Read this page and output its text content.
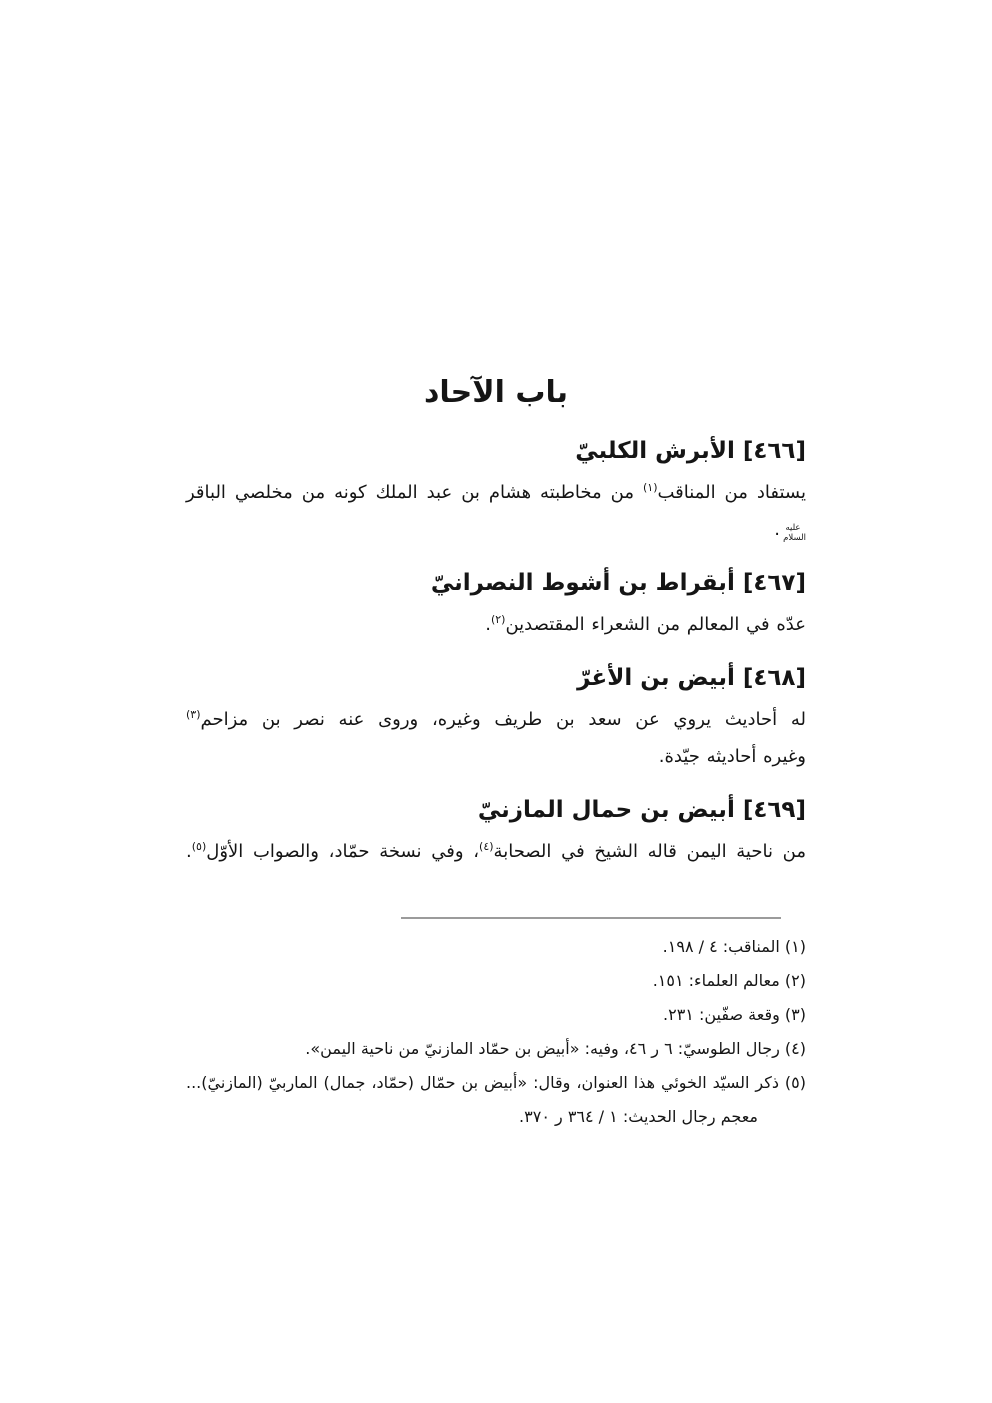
باب الآحاد
[٤٦٦] الأبرش الكلبيّ

يستفاد من المناقب$^{(١)}$ من مخاطبته هشام بن عبد الملك كونه من مخلصي الباقر عليه السلام.

[٤٦٧] أبقراط بن أشوط النصرانيّ

عدّه في المعالم من الشعراء المقتصدين$^{(٢)}$.

[٤٦٨] أبيض بن الأغرّ

له أحاديث يروي عن سعد بن طريف وغيره، وروى عنه نصر بن مزاحم$^{(٣)}$

وغيره أحاديثه جيّدة.

[٤٦٩] أبيض بن حمال المازنيّ

من ناحية اليمن قاله الشيخ في الصحابة$^{(٤)}$، وفي نسخة حمّاد، والصواب الأوّل$^{(٥)}$.

(١) المناقب: ٤ / ١٩٨.

(٢) معالم العلماء: ١٥١.

(٣) وقعة صفّين: ٢٣١.

(٤) رجال الطوسيّ: ٦ ر ٤٦، وفيه: «أبيض بن حمّاد المازنيّ من ناحية اليمن».

(٥) ذكر السيّد الخوئي هذا العنوان، وقال: «أبيض بن حمّال (حمّاد، جمال) الماربيّ (المازنيّ)...

معجم رجال الحديث: ١ / ٣٦٤ ر ٣٧٠.
